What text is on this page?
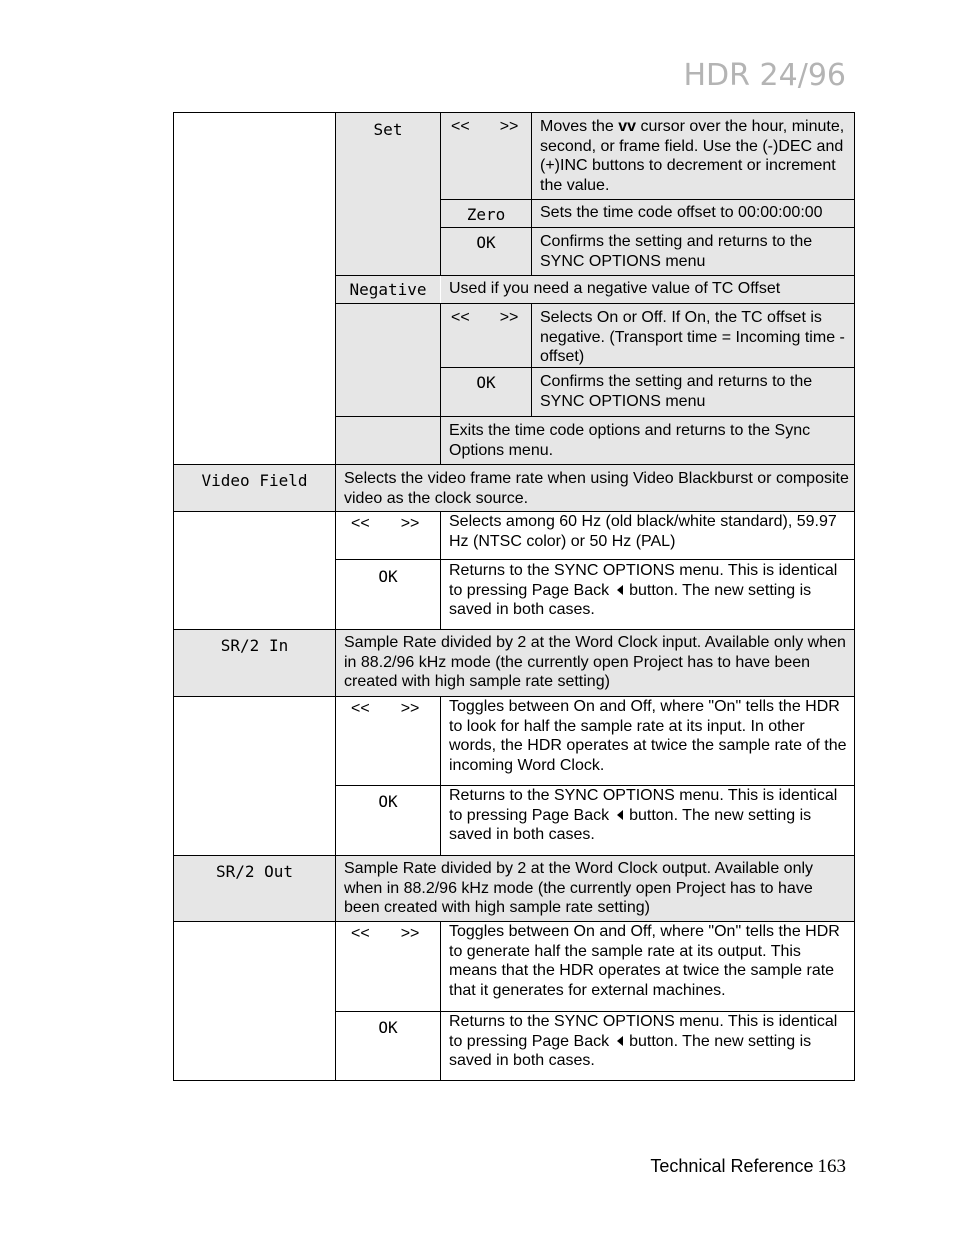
HDR 24/96
Set	<< >>	Moves the vv cursor over the hour, minute, second, or frame field. Use the (-)DEC and (+)INC buttons to decrement or increment the value.
Zero	Sets the time code offset to 00:00:00:00
OK	Confirms the setting and returns to the SYNC OPTIONS menu
Negative	Used if you need a negative value of TC Offset
<< >>	Selects On or Off. If On, the TC offset is negative. (Transport time = Incoming time - offset)
OK	Confirms the setting and returns to the SYNC OPTIONS menu
Exits the time code options and returns to the Sync Options menu.
Video Field	Selects the video frame rate when using Video Blackburst or composite video as the clock source.
<< >>	Selects among 60 Hz (old black/white standard), 59.97 Hz (NTSC color) or 50 Hz (PAL)
OK	Returns to the SYNC OPTIONS menu. This is identical to pressing Page Back button. The new setting is saved in both cases.
SR/2 In	Sample Rate divided by 2 at the Word Clock input. Available only when in 88.2/96 kHz mode (the currently open Project has to have been created with high sample rate setting)
<< >>	Toggles between On and Off, where "On" tells the HDR to look for half the sample rate at its input. In other words, the HDR operates at twice the sample rate of the incoming Word Clock.
OK	Returns to the SYNC OPTIONS menu. This is identical to pressing Page Back button. The new setting is saved in both cases.
SR/2 Out	Sample Rate divided by 2 at the Word Clock output. Available only when in 88.2/96 kHz mode (the currently open Project has to have been created with high sample rate setting)
<< >>	Toggles between On and Off, where "On" tells the HDR to generate half the sample rate at its output. This means that the HDR operates at twice the sample rate that it generates for external machines.
OK	Returns to the SYNC OPTIONS menu. This is identical to pressing Page Back button. The new setting is saved in both cases.
Technical Reference 163
